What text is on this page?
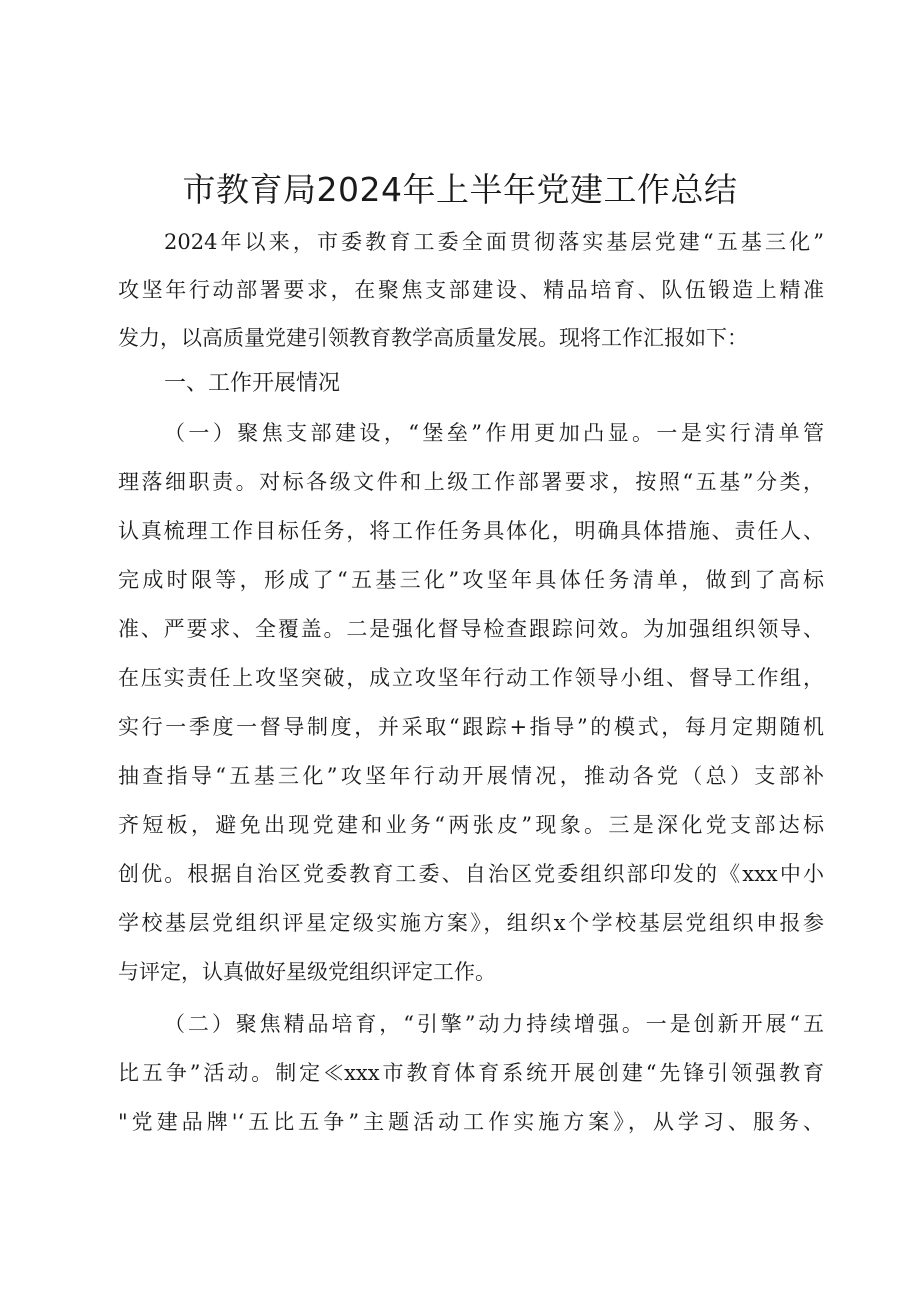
市教育局2024年上半年党建工作总结
2024年以来，市委教育工委全面贯彻落实基层党建“五基三化”
攻坚年行动部署要求，在聚焦支部建设、精品培育、队伍锻造上精准
发力，以高质量党建引领教育教学高质量发展。现将工作汇报如下：
一、工作开展情况
（一）聚焦支部建设，“堡垒”作用更加凸显。一是实行清单管
理落细职责。对标各级文件和上级工作部署要求，按照“五基”分类，
认真梳理工作目标任务，将工作任务具体化，明确具体措施、责任人、
完成时限等，形成了“五基三化”攻坚年具体任务清单，做到了高标
准、严要求、全覆盖。二是强化督导检查跟踪问效。为加强组织领导、
在压实责任上攻坚突破，成立攻坚年行动工作领导小组、督导工作组，
实行一季度一督导制度，并采取“跟踪+指导”的模式，每月定期随机
抽查指导“五基三化”攻坚年行动开展情况，推动各党（总）支部补
齐短板，避免出现党建和业务“两张皮”现象。三是深化党支部达标
创优。根据自治区党委教育工委、自治区党委组织部印发的《xxx中小
学校基层党组织评星定级实施方案》，组织x个学校基层党组织申报参
与评定，认真做好星级党组织评定工作。
（二）聚焦精品培育，“引擎”动力持续增强。一是创新开展“五
比五争”活动。制定≪xxx市教育体育系统开展创建“先锋引领强教育
"党建品牌'‘五比五争”主题活动工作实施方案》，从学习、服务、
